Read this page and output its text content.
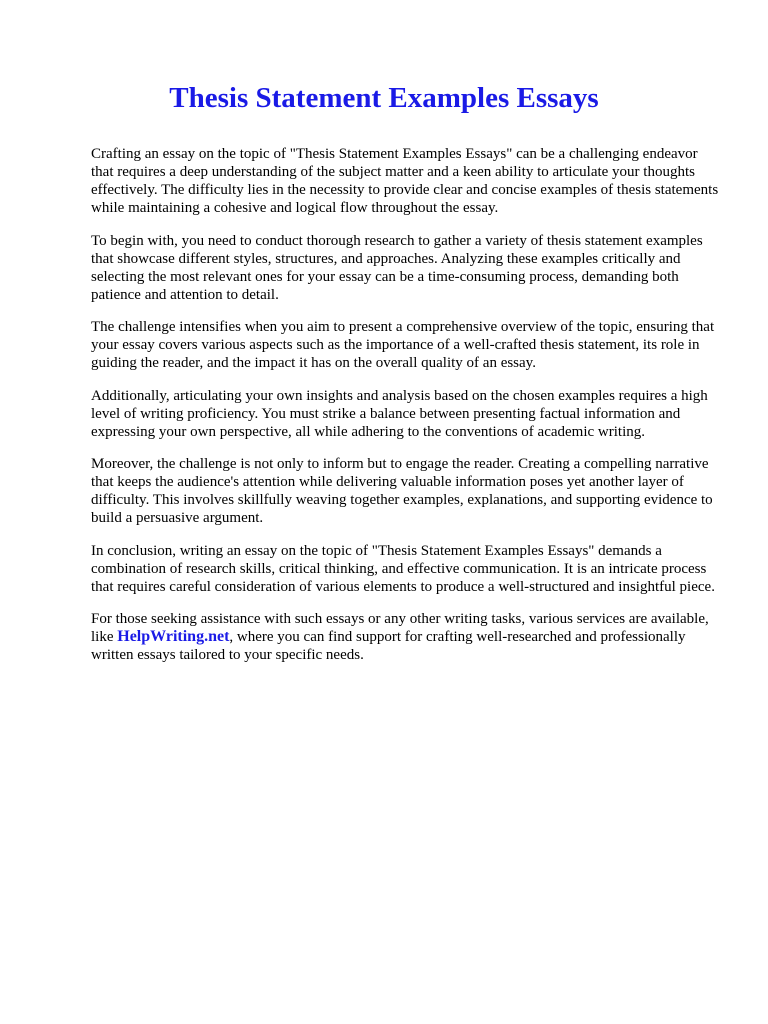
Thesis Statement Examples Essays

Crafting an essay on the topic of "Thesis Statement Examples Essays" can be a challenging endeavor that requires a deep understanding of the subject matter and a keen ability to articulate your thoughts effectively. The difficulty lies in the necessity to provide clear and concise examples of thesis statements while maintaining a cohesive and logical flow throughout the essay.

To begin with, you need to conduct thorough research to gather a variety of thesis statement examples that showcase different styles, structures, and approaches. Analyzing these examples critically and selecting the most relevant ones for your essay can be a time-consuming process, demanding both patience and attention to detail.

The challenge intensifies when you aim to present a comprehensive overview of the topic, ensuring that your essay covers various aspects such as the importance of a well-crafted thesis statement, its role in guiding the reader, and the impact it has on the overall quality of an essay.

Additionally, articulating your own insights and analysis based on the chosen examples requires a high level of writing proficiency. You must strike a balance between presenting factual information and expressing your own perspective, all while adhering to the conventions of academic writing.

Moreover, the challenge is not only to inform but to engage the reader. Creating a compelling narrative that keeps the audience's attention while delivering valuable information poses yet another layer of difficulty. This involves skillfully weaving together examples, explanations, and supporting evidence to build a persuasive argument.

In conclusion, writing an essay on the topic of "Thesis Statement Examples Essays" demands a combination of research skills, critical thinking, and effective communication. It is an intricate process that requires careful consideration of various elements to produce a well-structured and insightful piece.

For those seeking assistance with such essays or any other writing tasks, various services are available, like HelpWriting.net, where you can find support for crafting well-researched and professionally written essays tailored to your specific needs.
